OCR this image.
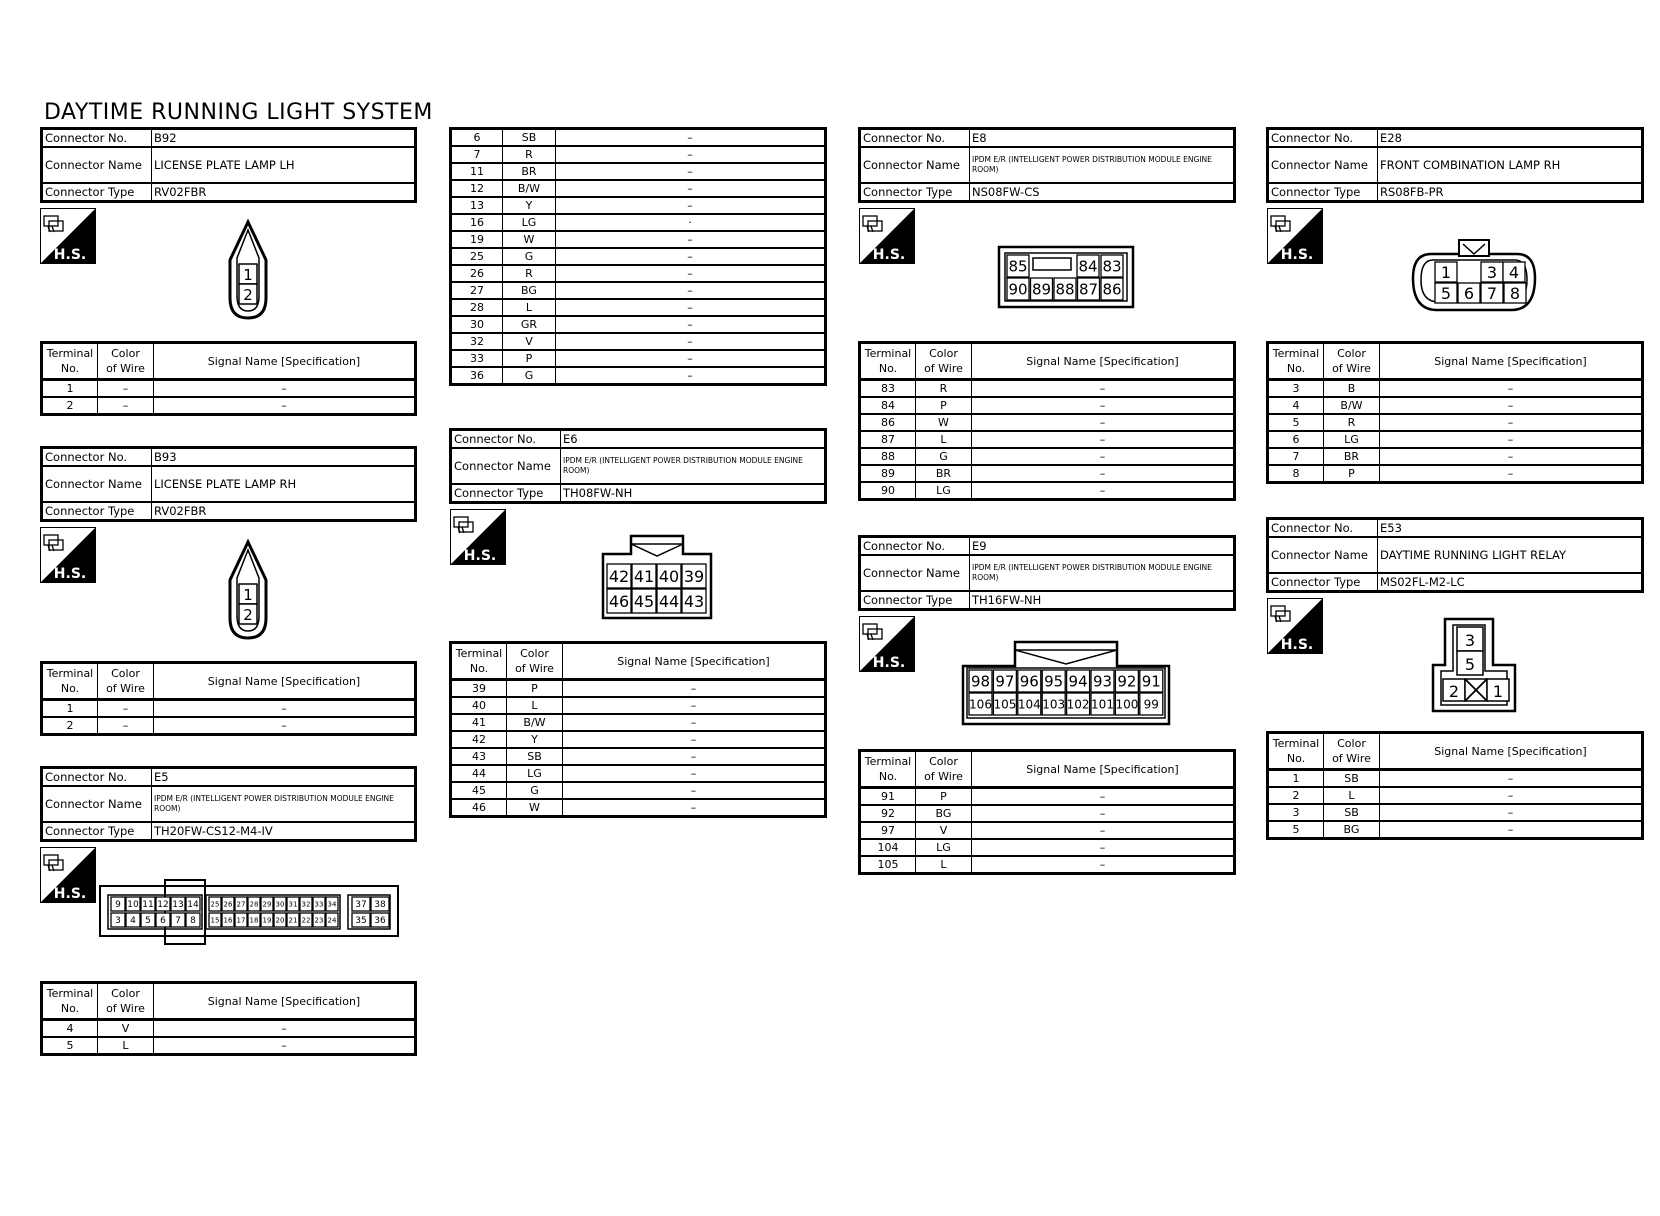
DAYTIME RUNNING LIGHT SYSTEM
Connector No.	B92
Connector Name	LICENSE PLATE LAMP LH
Connector Type	RV02FBR
H.S.
1
2
Terminal
No.	Color
of Wire	Signal Name [Specification]
1	–	–
2	–	–
Connector No.	B93
Connector Name	LICENSE PLATE LAMP RH
Connector Type	RV02FBR
H.S.
1
2
Terminal
No.	Color
of Wire	Signal Name [Specification]
1	–	–
2	–	–
Connector No.	E5
Connector Name	IPDM E/R (INTELLIGENT POWER DISTRIBUTION MODULE ENGINE ROOM)
Connector Type	TH20FW-CS12-M4-IV
H.S.
9
3
10
4
11
5
12
6
13
7
14
8
25
15
26
16
27
17
28
18
29
19
30
20
31
21
32
22
33
23
34
24
37
35
38
36
Terminal
No.	Color
of Wire	Signal Name [Specification]
4	V	–
5	L	–
6	SB	–
7	R	–
11	BR	–
12	B/W	–
13	Y	–
16	LG	·
19	W	–
25	G	–
26	R	–
27	BG	–
28	L	–
30	GR	–
32	V	–
33	P	–
36	G	–
Connector No.	E6
Connector Name	IPDM E/R (INTELLIGENT POWER DISTRIBUTION MODULE ENGINE ROOM)
Connector Type	TH08FW-NH
H.S.
42
46
41
45
40
44
39
43
Terminal
No.	Color
of Wire	Signal Name [Specification]
39	P	–
40	L	–
41	B/W	–
42	Y	–
43	SB	–
44	LG	–
45	G	–
46	W	–
Connector No.	E8
Connector Name	IPDM E/R (INTELLIGENT POWER DISTRIBUTION MODULE ENGINE ROOM)
Connector Type	NS08FW-CS
H.S.
85	84 83
90 89 88 87 86
Terminal
No.	Color
of Wire	Signal Name [Specification]
83	R	–
84	P	–
86	W	–
87	L	–
88	G	–
89	BR	–
90	LG	–
Connector No.	E9
Connector Name	IPDM E/R (INTELLIGENT POWER DISTRIBUTION MODULE ENGINE ROOM)
Connector Type	TH16FW-NH
H.S.
98
106
97
105
96
104
95
103
94
102
93
101
92
100
91
99
Terminal
No.	Color
of Wire	Signal Name [Specification]
91	P	–
92	BG	–
97	V	–
104	LG	–
105	L	–
Connector No.	E28
Connector Name	FRONT COMBINATION LAMP RH
Connector Type	RS08FB-PR
H.S.
1 3 4
5 6 7 8
Terminal
No.	Color
of Wire	Signal Name [Specification]
3	B	–
4	B/W	–
5	R	–
6	LG	–
7	BR	–
8	P	–
Connector No.	E53
Connector Name	DAYTIME RUNNING LIGHT RELAY
Connector Type	MS02FL-M2-LC
H.S.	3
5
2 1
Terminal
No.	Color
of Wire	Signal Name [Specification]
1	SB	–
2	L	–
3	SB	–
5	BG	–
